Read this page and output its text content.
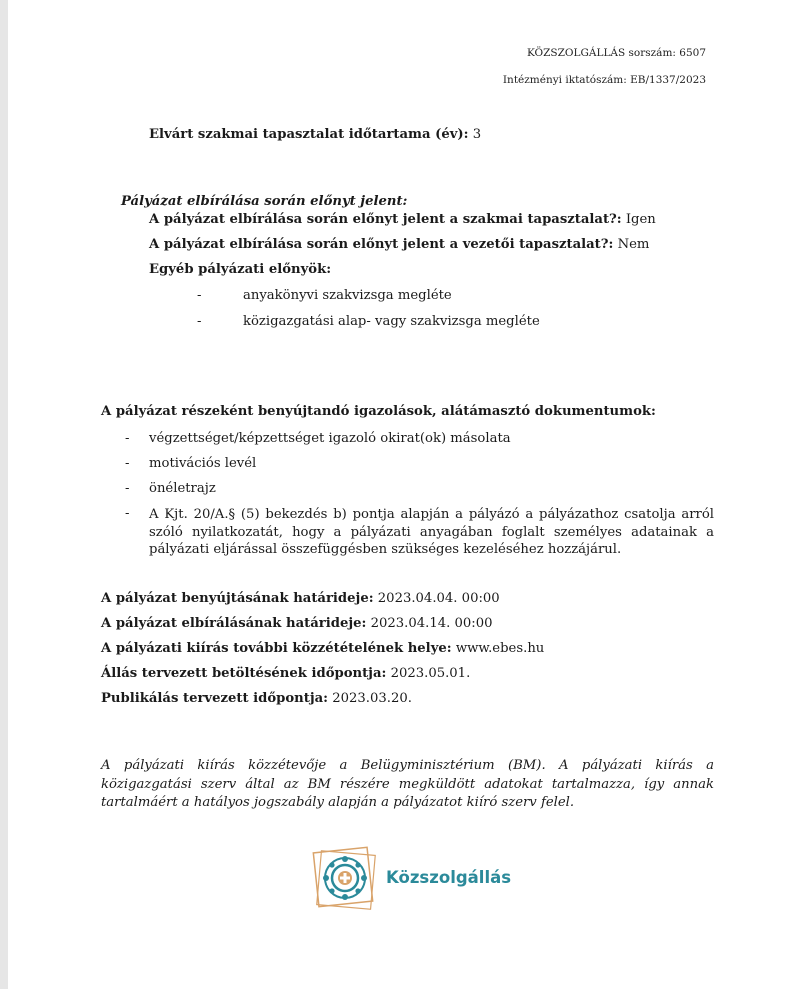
KÖZSZOLGÁLLÁS sorszám: 6507
Intézményi iktatószám: EB/1337/2023
Elvárt szakmai tapasztalat időtartama (év): 3
Pályázat elbírálása során előnyt jelent:
A pályázat elbírálása során előnyt jelent a szakmai tapasztalat?: Igen
A pályázat elbírálása során előnyt jelent a vezetői tapasztalat?: Nem
Egyéb pályázati előnyök:
-	anyakönyvi szakvizsga megléte
-	közigazgatási alap- vagy szakvizsga megléte
A pályázat részeként benyújtandó igazolások, alátámasztó dokumentumok:
- végzettséget/képzettséget igazoló okirat(ok) másolata
- motivációs levél
- önéletrajz
- A Kjt. 20/A.§ (5) bekezdés b) pontja alapján a pályázó a pályázathoz csatolja arról szóló nyilatkozatát, hogy a pályázati anyagában foglalt személyes adatainak a pályázati eljárással összefüggésben szükséges kezeléséhez hozzájárul.
A pályázat benyújtásának határideje: 2023.04.04. 00:00
A pályázat elbírálásának határideje: 2023.04.14. 00:00
A pályázati kiírás további közzétételének helye: www.ebes.hu
Állás tervezett betöltésének időpontja: 2023.05.01.
Publikálás tervezett időpontja: 2023.03.20.
A pályázati kiírás közzétevője a Belügyminisztérium (BM). A pályázati kiírás a közigazgatási szerv által az BM részére megküldött adatokat tartalmazza, így annak tartalmáért a hatályos jogszabály alapján a pályázatot kiíró szerv felel.
Közszolgállás
